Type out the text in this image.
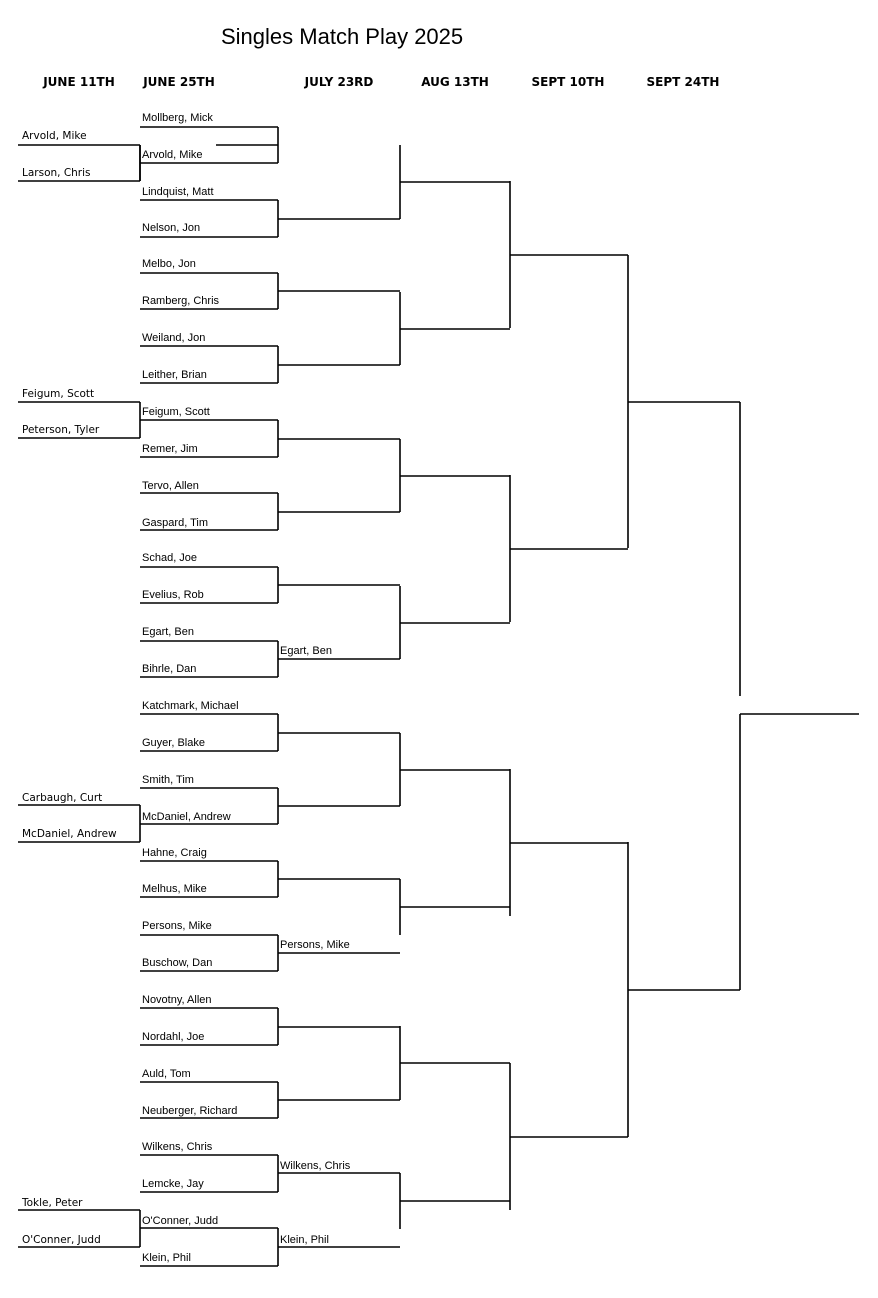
Singles Match Play 2025
JUNE 11TH JUNE 25TH	JULY 23RD	AUG 13TH	SEPT 10TH	SEPT 24TH
Arvold, Mike
Larson, Chris
Feigum, Scott
Peterson, Tyler
Carbaugh, Curt
McDaniel, Andrew
Tokle, Peter
O'Conner, Judd
Mollberg, Mick
Arvold, Mike
Lindquist, Matt
Nelson, Jon
Melbo, Jon
Ramberg, Chris
Weiland, Jon
Leither, Brian
Feigum, Scott
Remer, Jim
Tervo, Allen
Gaspard, Tim
Schad, Joe
Evelius, Rob
Egart, Ben
Bihrle, Dan
Katchmark, Michael
Guyer, Blake
Smith, Tim
McDaniel, Andrew
Hahne, Craig
Melhus, Mike
Persons, Mike
Buschow, Dan
Novotny, Allen
Nordahl, Joe
Auld, Tom
Neuberger, Richard
Wilkens, Chris
Lemcke, Jay
O'Conner, Judd
Klein, Phil
Egart, Ben
Persons, Mike
Wilkens, Chris
Klein, Phil
